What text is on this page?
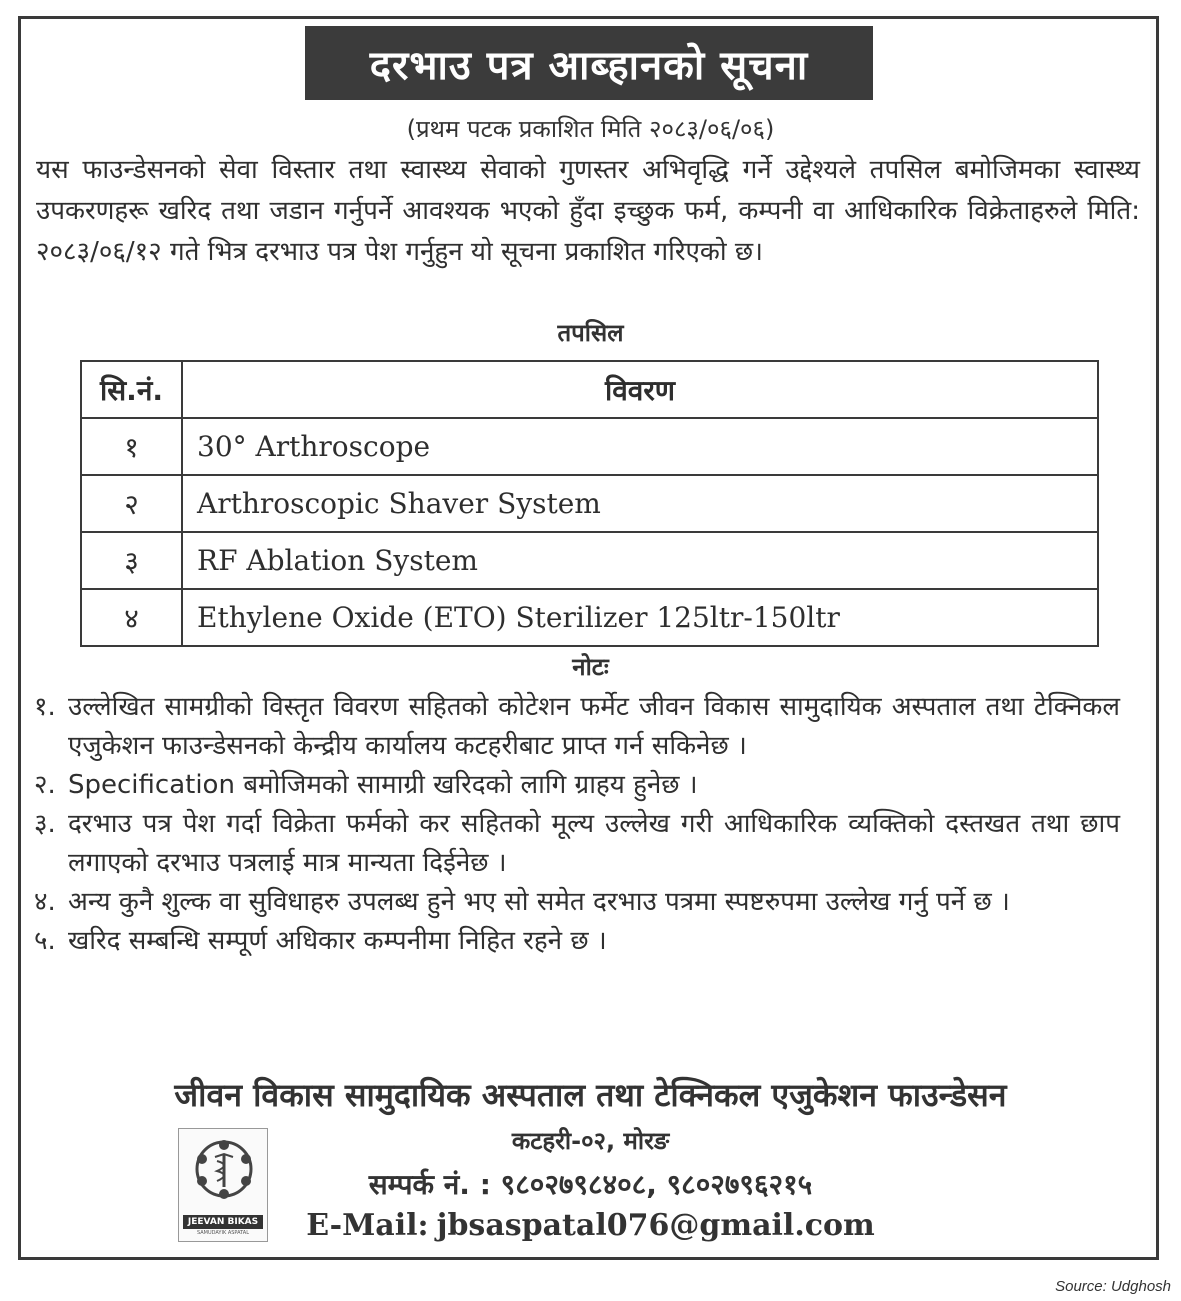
दरभाउ पत्र आब्हानको सूचना
(प्रथम पटक प्रकाशित मिति २०८३/०६/०६)
यस फाउन्डेसनको सेवा विस्तार तथा स्वास्थ्य सेवाको गुणस्तर अभिवृद्धि गर्ने उद्देश्यले तपसिल बमोजिमका स्वास्थ्य उपकरणहरू खरिद तथा जडान गर्नुपर्ने आवश्यक भएको हुँदा इच्छुक फर्म, कम्पनी वा आधिकारिक विक्रेताहरुले मिति: २०८३/०६/१२ गते भित्र दरभाउ पत्र पेश गर्नुहुन यो सूचना प्रकाशित गरिएको छ।
तपसिल
सि.नं.	विवरण
१	30° Arthroscope
२	Arthroscopic Shaver System
३	RF Ablation System
४	Ethylene Oxide (ETO) Sterilizer 125ltr-150ltr
नोटः
१. उल्लेखित सामग्रीको विस्तृत विवरण सहितको कोटेशन फर्मेट जीवन विकास सामुदायिक अस्पताल तथा टेक्निकल एजुकेशन फाउन्डेसनको केन्द्रीय कार्यालय कटहरीबाट प्राप्त गर्न सकिनेछ ।
२. Specification बमोजिमको सामाग्री खरिदको लागि ग्राहय हुनेछ ।
३. दरभाउ पत्र पेश गर्दा विक्रेता फर्मको कर सहितको मूल्य उल्लेख गरी आधिकारिक व्यक्तिको दस्तखत तथा छाप लगाएको दरभाउ पत्रलाई मात्र मान्यता दिईनेछ ।
४. अन्य कुनै शुल्क वा सुविधाहरु उपलब्ध हुने भए सो समेत दरभाउ पत्रमा स्पष्टरुपमा उल्लेख गर्नु पर्ने छ ।
५. खरिद सम्बन्धि सम्पूर्ण अधिकार कम्पनीमा निहित रहने छ ।
जीवन विकास सामुदायिक अस्पताल तथा टेक्निकल एजुकेशन फाउन्डेसन
JEEVAN BIKAS
SAMUDAYIK ASPATAL
कटहरी-०२, मोरङ
सम्पर्क नं. : ९८०२७९८४०८, ९८०२७९६२१५
E-Mail: jbsaspatal076@gmail.com
Source: Udghosh
